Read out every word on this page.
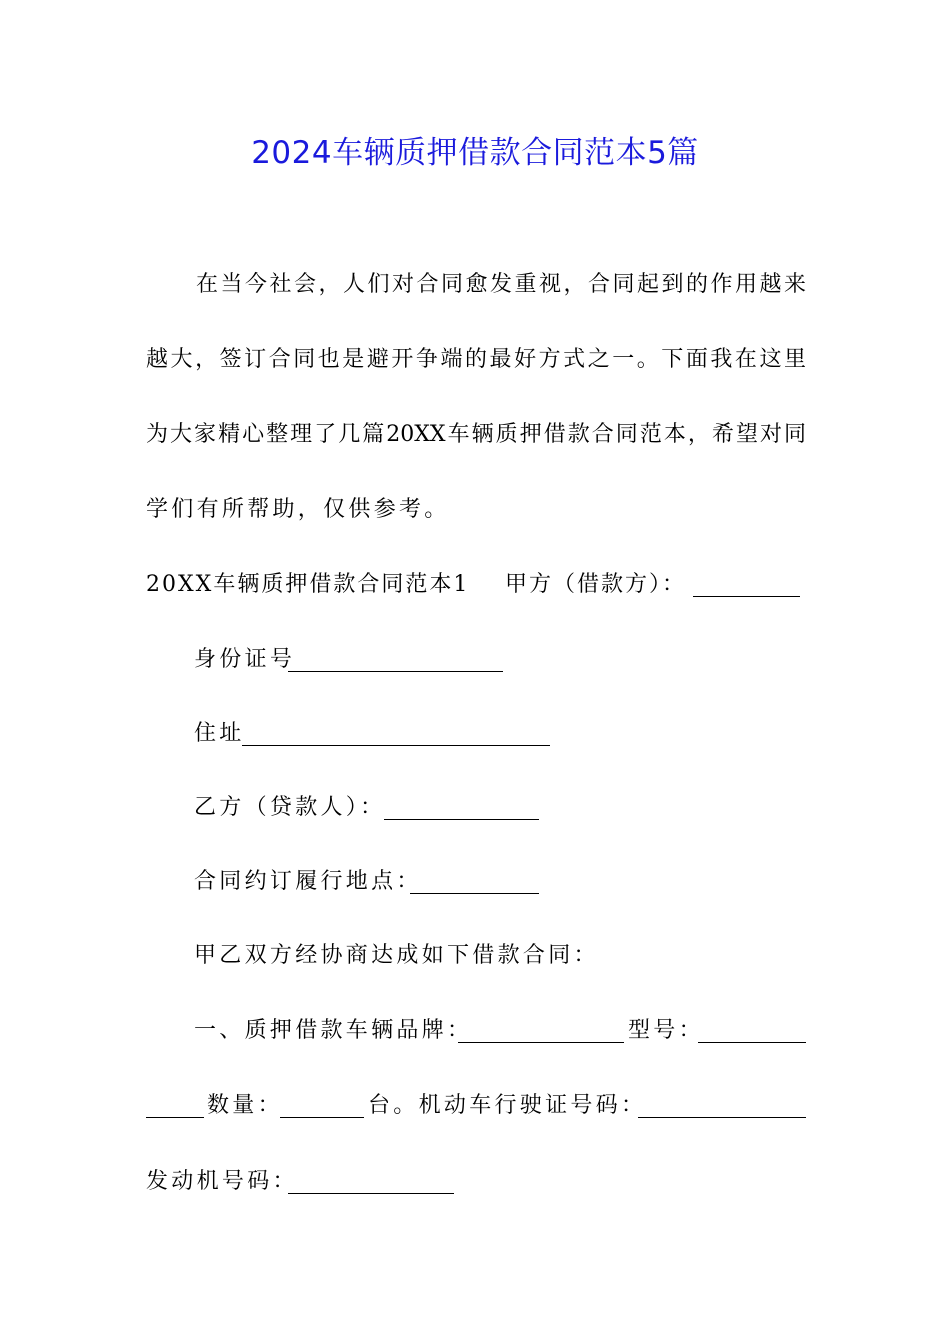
2024车辆质押借款合同范本5篇
在当今社会，人们对合同愈发重视，合同起到的作用越来
越大，签订合同也是避开争端的最好方式之一。下面我在这里
为大家精心整理了几篇20XX车辆质押借款合同范本，希望对同
学们有所帮助，仅供参考。
20XX车辆质押借款合同范本1 甲方（借款方）：
身份证号
住址
乙方（贷款人）：
合同约订履行地点：
甲乙双方经协商达成如下借款合同：
一、质押借款车辆品牌：	型号：
数量：	台。机动车行驶证号码：
发动机号码：
